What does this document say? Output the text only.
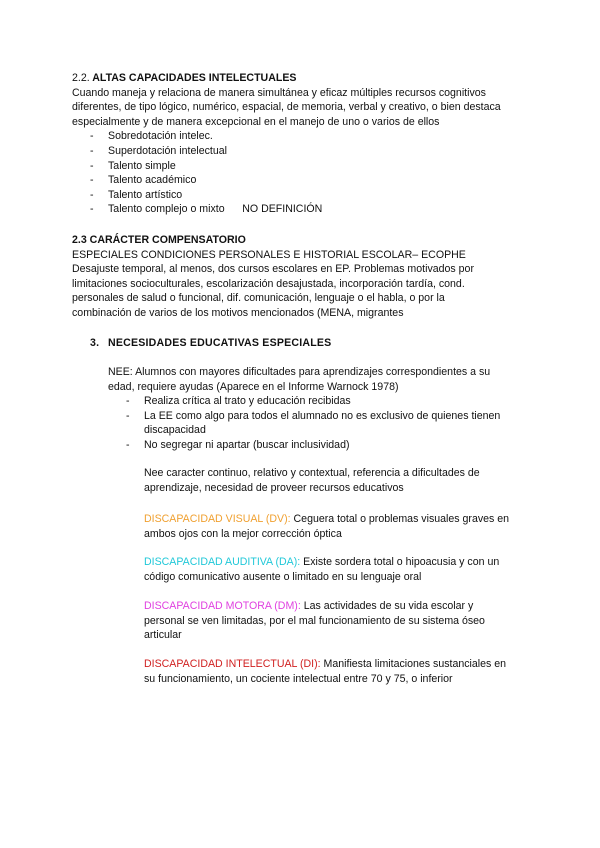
2.2. ALTAS CAPACIDADES INTELECTUALES
Cuando maneja y relaciona de manera simultánea y eficaz múltiples recursos cognitivos
diferentes, de tipo lógico, numérico, espacial, de memoria, verbal y creativo, o bien destaca
especialmente y de manera excepcional en el manejo de uno o varios de ellos
-	Sobredotación intelec.
-	Superdotación intelectual
-	Talento simple
-	Talento académico
-	Talento artístico
-	Talento complejo o mixto      NO DEFINICIÓN
2.3 CARÁCTER COMPENSATORIO
ESPECIALES CONDICIONES PERSONALES E HISTORIAL ESCOLAR– ECOPHE
Desajuste temporal, al menos, dos cursos escolares en EP. Problemas motivados por
limitaciones socioculturales, escolarización desajustada, incorporación tardía, cond.
personales de salud o funcional, dif. comunicación, lenguaje o el habla, o por la
combinación de varios de los motivos mencionados (MENA, migrantes
3. NECESIDADES EDUCATIVAS ESPECIALES
NEE: Alumnos con mayores dificultades para aprendizajes correspondientes a su
edad, requiere ayudas (Aparece en el Informe Warnock 1978)
-	Realiza crítica al trato y educación recibidas
-	La EE como algo para todos el alumnado no es exclusivo de quienes tienen
discapacidad
-	No segregar ni apartar (buscar inclusividad)
Nee caracter continuo, relativo y contextual, referencia a dificultades de
aprendizaje, necesidad de proveer recursos educativos
DISCAPACIDAD VISUAL (DV): Ceguera total o problemas visuales graves en
ambos ojos con la mejor corrección óptica
DISCAPACIDAD AUDITIVA (DA): Existe sordera total o hipoacusia y con un
código comunicativo ausente o limitado en su lenguaje oral
DISCAPACIDAD MOTORA (DM): Las actividades de su vida escolar y
personal se ven limitadas, por el mal funcionamiento de su sistema óseo
articular
DISCAPACIDAD INTELECTUAL (DI): Manifiesta limitaciones sustanciales en
su funcionamiento, un cociente intelectual entre 70 y 75, o inferior
